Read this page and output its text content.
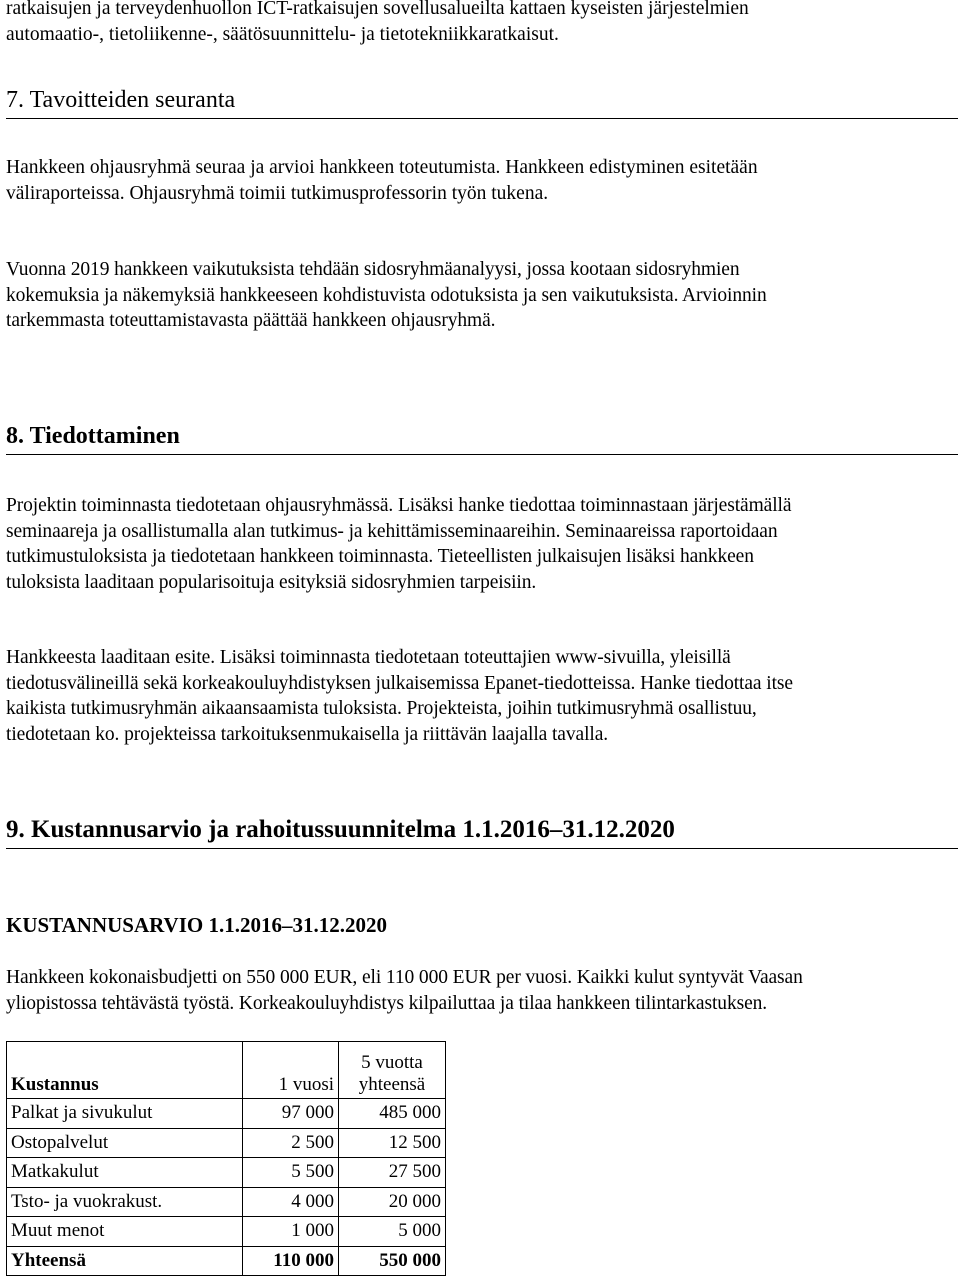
ratkaisujen ja terveydenhuollon ICT-ratkaisujen sovellusalueilta kattaen kyseisten järjestelmien
automaatio-, tietoliikenne-, säätösuunnittelu- ja tietotekniikkaratkaisut.
7. Tavoitteiden seuranta
Hankkeen ohjausryhmä seuraa ja arvioi hankkeen toteutumista. Hankkeen edistyminen esitetään
väliraporteissa. Ohjausryhmä toimii tutkimusprofessorin työn tukena.
Vuonna 2019 hankkeen vaikutuksista tehdään sidosryhmäanalyysi, jossa kootaan sidosryhmien
kokemuksia ja näkemyksiä hankkeeseen kohdistuvista odotuksista ja sen vaikutuksista. Arvioinnin
tarkemmasta toteuttamistavasta päättää hankkeen ohjausryhmä.
8. Tiedottaminen
Projektin toiminnasta tiedotetaan ohjausryhmässä. Lisäksi hanke tiedottaa toiminnastaan järjestämällä
seminaareja ja osallistumalla alan tutkimus- ja kehittämisseminaareihin. Seminaareissa raportoidaan
tutkimustuloksista ja tiedotetaan hankkeen toiminnasta. Tieteellisten julkaisujen lisäksi hankkeen
tuloksista laaditaan popularisoituja esityksiä sidosryhmien tarpeisiin.
Hankkeesta laaditaan esite. Lisäksi toiminnasta tiedotetaan toteuttajien www-sivuilla, yleisillä
tiedotusvälineillä sekä korkeakouluyhdistyksen julkaisemissa Epanet-tiedotteissa. Hanke tiedottaa itse
kaikista tutkimusryhmän aikaansaamista tuloksista. Projekteista, joihin tutkimusryhmä osallistuu,
tiedotetaan ko. projekteissa tarkoituksenmukaisella ja riittävän laajalla tavalla.
9. Kustannusarvio ja rahoitussuunnitelma 1.1.2016–31.12.2020
KUSTANNUSARVIO 1.1.2016–31.12.2020
Hankkeen kokonaisbudjetti on 550 000 EUR, eli 110 000 EUR per vuosi. Kaikki kulut syntyvät Vaasan
yliopistossa tehtävästä työstä. Korkeakouluyhdistys kilpailuttaa ja tilaa hankkeen tilintarkastuksen.
Kustannus	1 vuosi	5 vuotta
yhteensä

Palkat ja sivukulut	97 000	485 000
Ostopalvelut	2 500	12 500
Matkakulut	5 500	27 500
Tsto- ja vuokrakust.	4 000	20 000
Muut menot	1 000	5 000
Yhteensä	110 000	550 000
